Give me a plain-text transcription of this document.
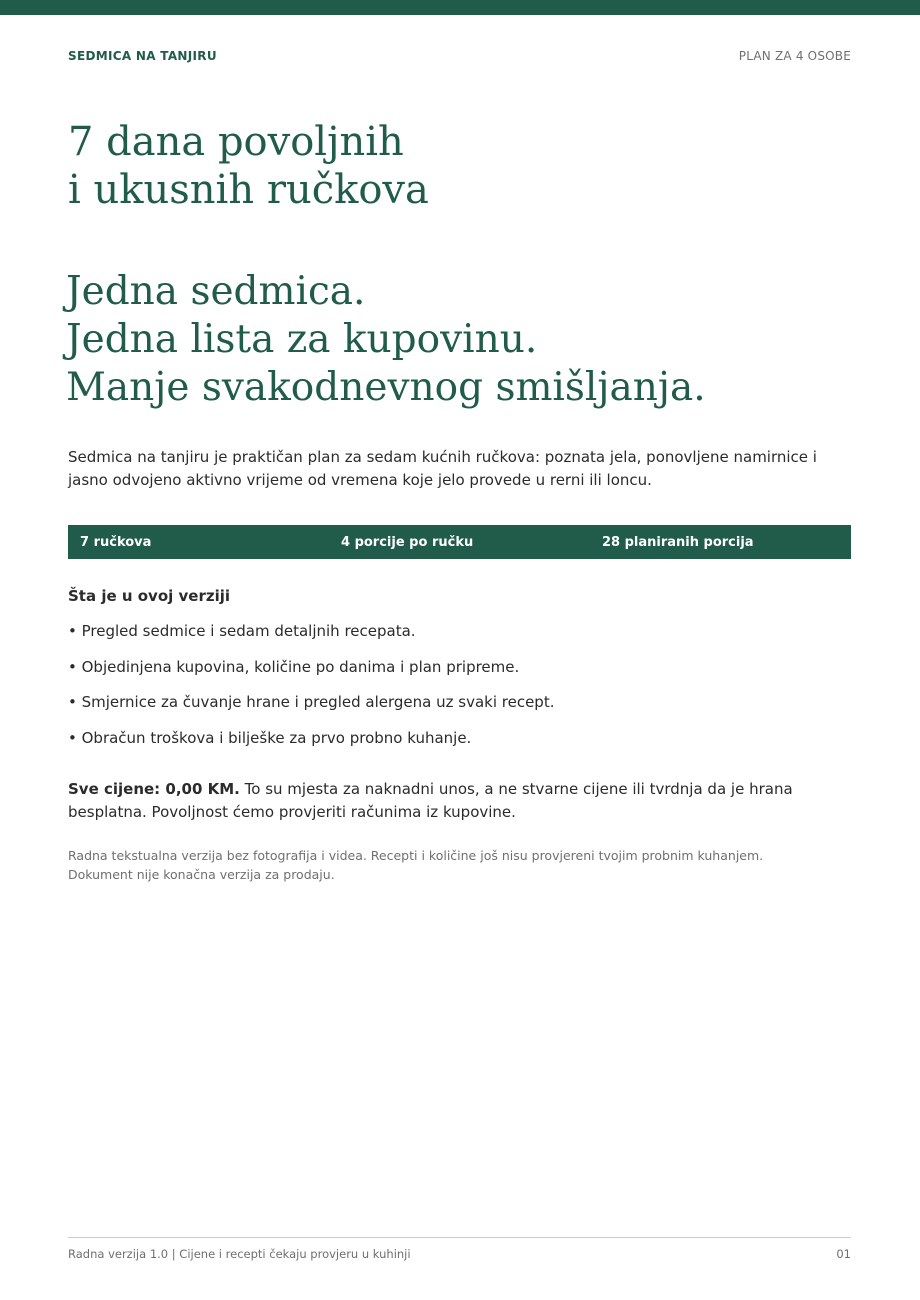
SEDMICA NA TANJIRU	PLAN ZA 4 OSOBE
7 dana povoljnih
i ukusnih ručkova
Jedna sedmica.
Jedna lista za kupovinu.
Manje svakodnevnog smišljanja.

Sedmica na tanjiru je praktičan plan za sedam kućnih ručkova: poznata jela, ponovljene namirnice i jasno odvojeno aktivno vrijeme od vremena koje jelo provede u rerni ili loncu.

7 ručkova	4 porcije po ručku	28 planiranih porcija
Šta je u ovoj verziji
• Pregled sedmice i sedam detaljnih recepata.
• Objedinjena kupovina, količine po danima i plan pripreme.
• Smjernice za čuvanje hrane i pregled alergena uz svaki recept.
• Obračun troškova i bilješke za prvo probno kuhanje.

Sve cijene: 0,00 KM. To su mjesta za naknadni unos, a ne stvarne cijene ili tvrdnja da je hrana besplatna. Povoljnost ćemo provjeriti računima iz kupovine.

Radna tekstualna verzija bez fotografija i videa. Recepti i količine još nisu provjereni tvojim probnim kuhanjem.
Dokument nije konačna verzija za prodaju.

Radna verzija 1.0 | Cijene i recepti čekaju provjeru u kuhinji	01
